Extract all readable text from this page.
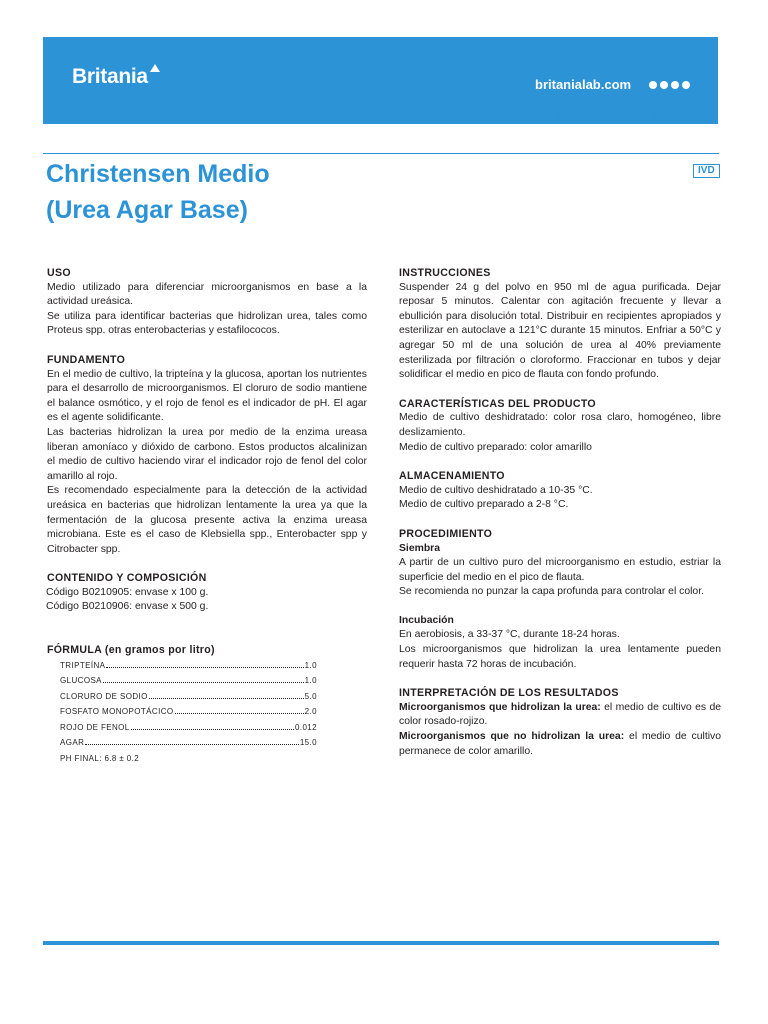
Britania	britanialab.com
REF B0210905	REF B0210906
Christensen Medio
(Urea Agar Base)
IVD
USO

Medio utilizado para diferenciar microorganismos en base a la actividad ureásica.

Se utiliza para identificar bacterias que hidrolizan urea, tales como Proteus spp. otras enterobacterias y estafilococos.

FUNDAMENTO

En el medio de cultivo, la tripteína y la glucosa, aportan los nutrientes para el desarrollo de microorganismos. El cloruro de sodio mantiene el balance osmótico, y el rojo de fenol es el indicador de pH. El agar es el agente solidificante.

Las bacterias hidrolizan la urea por medio de la enzima ureasa liberan amoníaco y dióxido de carbono. Estos productos alcalinizan el medio de cultivo haciendo virar el indicador rojo de fenol del color amarillo al rojo.

Es recomendado especialmente para la detección de la actividad ureásica en bacterias que hidrolizan lentamente la urea ya que la fermentación de la glucosa presente activa la enzima ureasa microbiana. Este es el caso de Klebsiella spp., Enterobacter spp y Citrobacter spp.

CONTENIDO Y COMPOSICIÓN

Código B0210905: envase x 100 g.

Código B0210906: envase x 500 g.

FÓRMULA (en gramos por litro)
TRIPTEÍNA	1.0
GLUCOSA	1.0
CLORURO DE SODIO	5.0
FOSFATO MONOPOTÁCICO	2.0
ROJO DE FENOL	0.012
AGAR	15.0
PH FINAL: 6.8 ± 0.2
INSTRUCCIONES

Suspender 24 g del polvo en 950 ml de agua purificada. Dejar reposar 5 minutos. Calentar con agitación frecuente y llevar a ebullición para disolución total. Distribuir en recipientes apropiados y esterilizar en autoclave a 121°C durante 15 minutos. Enfriar a 50°C y agregar 50 ml de una solución de urea al 40% previamente esterilizada por filtración o cloroformo. Fraccionar en tubos y dejar solidificar el medio en pico de flauta con fondo profundo.

CARACTERÍSTICAS DEL PRODUCTO

Medio de cultivo deshidratado: color rosa claro, homogéneo, libre deslizamiento.

Medio de cultivo preparado: color amarillo

ALMACENAMIENTO

Medio de cultivo deshidratado a 10-35 °C.

Medio de cultivo preparado a 2-8 °C.

PROCEDIMIENTO
Siembra

A partir de un cultivo puro del microorganismo en estudio, estriar la superficie del medio en el pico de flauta.

Se recomienda no punzar la capa profunda para controlar el color.

Incubación

En aerobiosis, a 33-37 °C, durante 18-24 horas.

Los microorganismos que hidrolizan la urea lentamente pueden requerir hasta 72 horas de incubación.

INTERPRETACIÓN DE LOS RESULTADOS

Microorganismos que hidrolizan la urea: el medio de cultivo es de color rosado-rojizo.

Microorganismos que no hidrolizan la urea: el medio de cultivo permanece de color amarillo.
